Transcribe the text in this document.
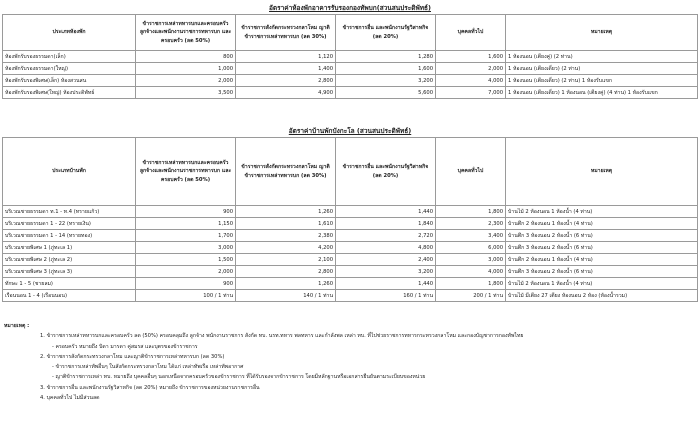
อัตราค่าห้องพักอาคารรับรองกองทัพบก(สวนสนประดิพัทธ์)
ประเภทห้องพัก	ข้าราชการเหล่าทหารบกและครอบครัว ลูกจ้างและพนักงานราชการทหารบก และครอบครัว (ลด 50%)	ข้าราชการสังกัดกระทรวงกลาโหม ญาติข้าราชการเหล่าทหารบก (ลด 30%)	ข้าราชการอื่น และพนักงานรัฐวิสาหกิจ (ลด 20%)	บุคคลทั่วไป	หมายเหตุ
ห้องพักรับรองธรรมดา(เล็ก)	800	1,120	1,280	1,600	1 ห้องนอน (เตียงคู่) (2 ท่าน)
ห้องพักรับรองธรรมดา(ใหญ่)	1,000	1,400	1,600	2,000	1 ห้องนอน (เตียงเดี่ยว) (2 ท่าน)
ห้องพักรับรองพิเศษ(เล็ก) ห้องสวนสน	2,000	2,800	3,200	4,000	1 ห้องนอน (เตียงเดี่ยว) (2 ท่าน) 1 ห้องรับแขก
ห้องพักรับรองพิเศษ(ใหญ่) ห้องประดิพัทธ์	3,500	4,900	5,600	7,000	1 ห้องนอน (เตียงเดี่ยว) 1 ห้องนอน (เตียงคู่) (4 ท่าน) 1 ห้องรับแขก
อัตราค่าบ้านพักบังกะโล (สวนสนประดิพัทธ์)
ประเภทบ้านพัก	ข้าราชการเหล่าทหารบกและครอบครัว ลูกจ้างและพนักงานราชการทหารบก และครอบครัว (ลด 50%)	ข้าราชการสังกัดกระทรวงกลาโหม ญาติข้าราชการเหล่าทหารบก (ลด 30%)	ข้าราชการอื่น และพนักงานรัฐวิสาหกิจ (ลด 20%)	บุคคลทั่วไป	หมายเหตุ
บริเวณชายธรรมดา ท.1 - ท.4 (ทรายแก้ว)	900	1,260	1,440	1,800	บ้านไม้ 2 ห้องนอน 1 ห้องน้ำ (4 ท่าน)
บริเวณชายธรรมดา 1 - 22 (ทรายเงิน)	1,150	1,610	1,840	2,300	บ้านตึก 2 ห้องนอน 1 ห้องน้ำ (4 ท่าน)
บริเวณชายธรรมดา 1 - 14 (ทรายทอง)	1,700	2,380	2,720	3,400	บ้านตึก 3 ห้องนอน 2 ห้องน้ำ (6 ท่าน)
บริเวณชายพิเศษ 1 (ภู่ทะเล 1)	3,000	4,200	4,800	6,000	บ้านตึก 3 ห้องนอน 2 ห้องน้ำ (6 ท่าน)
บริเวณชายพิเศษ 2 (ภู่ทะเล 2)	1,500	2,100	2,400	3,000	บ้านตึก 2 ห้องนอน 1 ห้องน้ำ (4 ท่าน)
บริเวณชายพิเศษ 3 (ภู่ทะเล 3)	2,000	2,800	3,200	4,000	บ้านตึก 3 ห้องนอน 2 ห้องน้ำ (6 ท่าน)
ทักษะ 1 - 5 (ชายลม)	900	1,260	1,440	1,800	บ้านไม้ 2 ห้องนอน 1 ห้องน้ำ (4 ท่าน)
เรือนนอน 1 - 4 (เรือนนอน)	100 / 1 ท่าน	140 / 1 ท่าน	160 / 1 ท่าน	200 / 1 ท่าน	บ้านไม้ มีเตียง 27 เตียง ห้องนอน 2 ห้อง (ห้องน้ำรวม)
หมายเหตุ :
1. ข้าราชการเหล่าทหารบกและครอบครัว ลด (50%) ครอบคลุมถึง ลูกจ้าง พนักงานราชการ สังกัด ทบ. นรท.ทหาร พลทหาร และกำลังพล เหล่า ทบ. ที่ไปช่วยราชการทหารกระทรวงกลาโหม และกองบัญชาการกองทัพไทย
- ครอบครัว หมายถึง บิดา มารดา คู่สมรส และบุตรของข้าราชการ
2. ข้าราชการสังกัดกระทรวงกลาโหม และญาติข้าราชการเหล่าทหารบก (ลด 30%)
- ข้าราชการเหล่าทัพอื่นๆ ในสังกัดกระทรวงกลาโหม ได้แก่ เหล่าทัพเรือ เหล่าทัพอากาศ
- ญาติข้าราชการเหล่า ทบ. หมายถึง บุคคลอื่นๆ นอกเหนือจากครอบครัวของข้าราชการ ที่ได้รับรองจากข้าราชการ โดยมีหลักฐานหรือเอกสารยืนยันตามระเบียบของหน่วย
3. ข้าราชการอื่น และพนักงานรัฐวิสาหกิจ (ลด 20%) หมายถึง ข้าราชการของหน่วยงานราชการอื่น
4. บุคคลทั่วไป ไม่มีส่วนลด
